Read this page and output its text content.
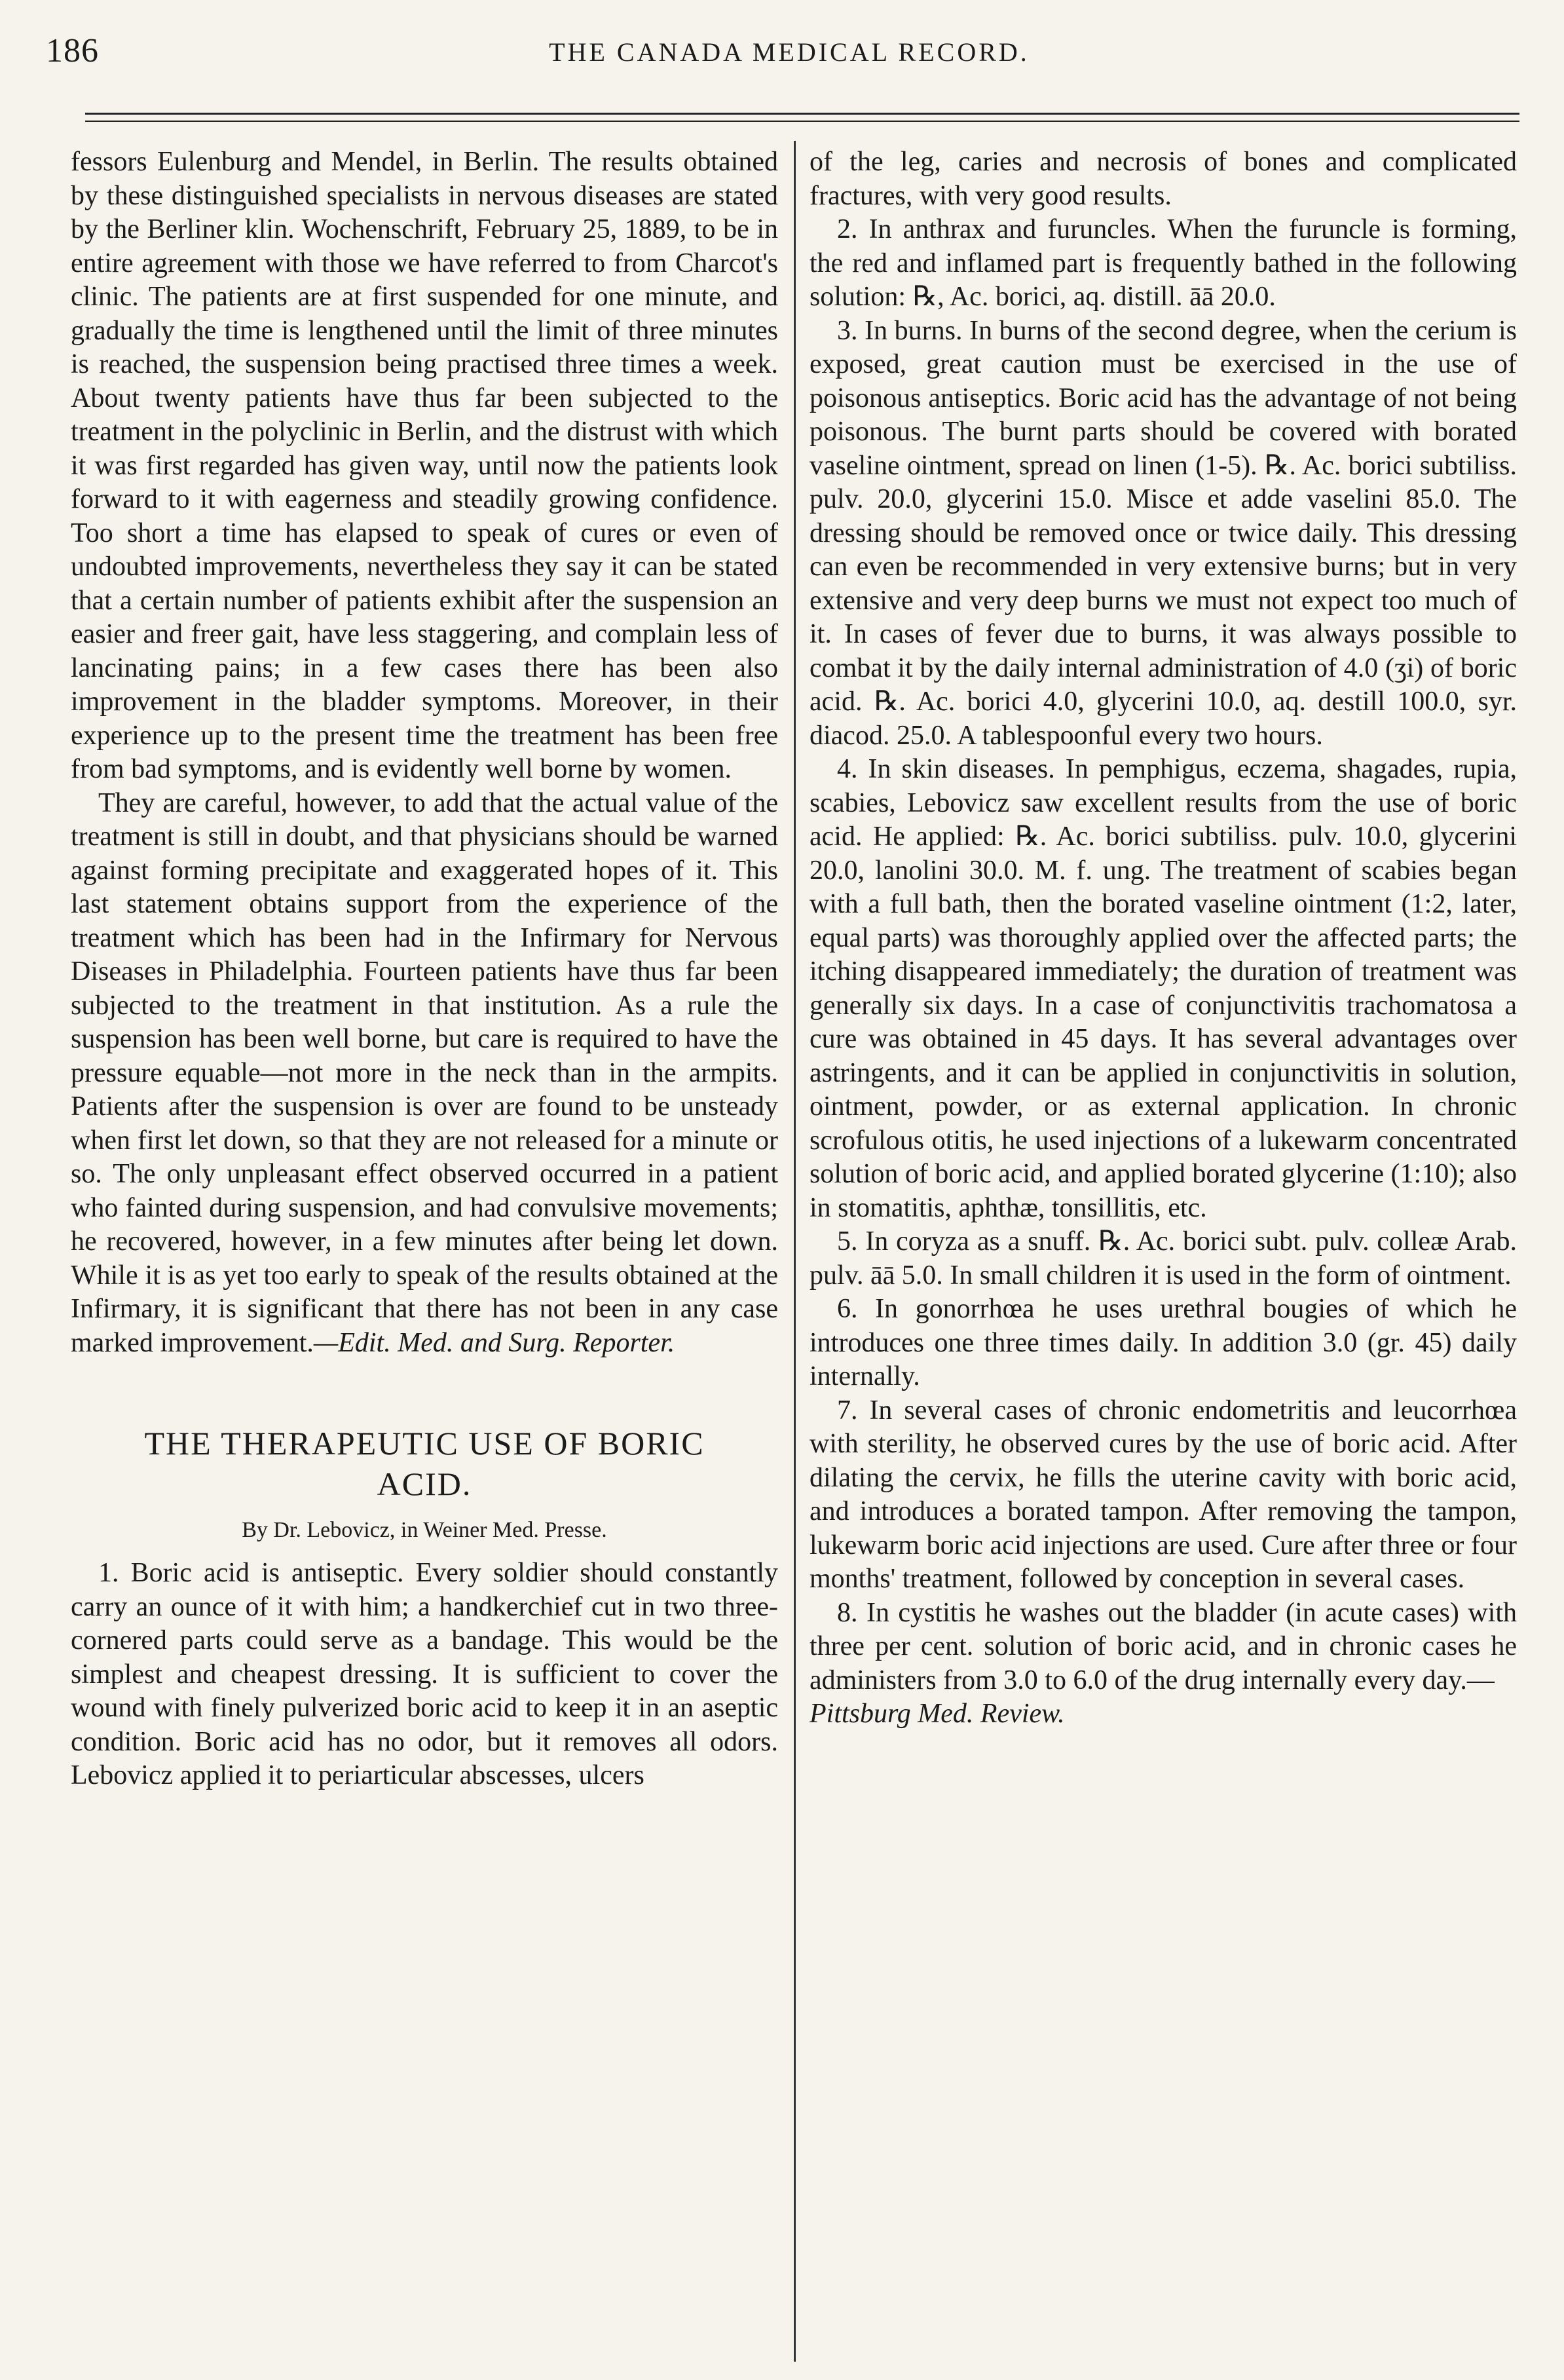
186	THE CANADA MEDICAL RECORD.

fessors Eulenburg and Mendel, in Berlin. The results obtained by these distinguished specialists in nervous diseases are stated by the Berliner klin. Wochenschrift, February 25, 1889, to be in entire agreement with those we have referred to from Charcot's clinic. The patients are at first suspended for one minute, and gradually the time is lengthened until the limit of three minutes is reached, the suspension being practised three times a week. About twenty patients have thus far been subjected to the treatment in the polyclinic in Berlin, and the distrust with which it was first regarded has given way, until now the patients look forward to it with eagerness and steadily growing confidence. Too short a time has elapsed to speak of cures or even of undoubted improvements, nevertheless they say it can be stated that a certain number of patients exhibit after the suspension an easier and freer gait, have less staggering, and complain less of lancinating pains; in a few cases there has been also improvement in the bladder symptoms. Moreover, in their experience up to the present time the treatment has been free from bad symptoms, and is evidently well borne by women.

They are careful, however, to add that the actual value of the treatment is still in doubt, and that physicians should be warned against forming precipitate and exaggerated hopes of it. This last statement obtains support from the experience of the treatment which has been had in the Infirmary for Nervous Diseases in Philadelphia. Fourteen patients have thus far been subjected to the treatment in that institution. As a rule the suspension has been well borne, but care is required to have the pressure equable—not more in the neck than in the armpits. Patients after the suspension is over are found to be unsteady when first let down, so that they are not released for a minute or so. The only unpleasant effect observed occurred in a patient who fainted during suspension, and had convulsive movements; he recovered, however, in a few minutes after being let down. While it is as yet too early to speak of the results obtained at the Infirmary, it is significant that there has not been in any case marked improvement.—Edit. Med. and Surg. Reporter.

THE THERAPEUTIC USE OF BORIC ACID.
By Dr. Lebovicz, in Weiner Med. Presse.

1. Boric acid is antiseptic. Every soldier should constantly carry an ounce of it with him; a handkerchief cut in two three-cornered parts could serve as a bandage. This would be the simplest and cheapest dressing. It is sufficient to cover the wound with finely pulverized boric acid to keep it in an aseptic condition. Boric acid has no odor, but it removes all odors. Lebovicz applied it to periarticular abscesses, ulcers

of the leg, caries and necrosis of bones and complicated fractures, with very good results.

2. In anthrax and furuncles. When the furuncle is forming, the red and inflamed part is frequently bathed in the following solution: ℞, Ac. borici, aq. distill. āā 20.0.

3. In burns. In burns of the second degree, when the cerium is exposed, great caution must be exercised in the use of poisonous antiseptics. Boric acid has the advantage of not being poisonous. The burnt parts should be covered with borated vaseline ointment, spread on linen (1-5). ℞. Ac. borici subtiliss. pulv. 20.0, glycerini 15.0. Misce et adde vaselini 85.0. The dressing should be removed once or twice daily. This dressing can even be recommended in very extensive burns; but in very extensive and very deep burns we must not expect too much of it. In cases of fever due to burns, it was always possible to combat it by the daily internal administration of 4.0 (ʒi) of boric acid. ℞. Ac. borici 4.0, glycerini 10.0, aq. destill 100.0, syr. diacod. 25.0. A tablespoonful every two hours.

4. In skin diseases. In pemphigus, eczema, shagades, rupia, scabies, Lebovicz saw excellent results from the use of boric acid. He applied: ℞. Ac. borici subtiliss. pulv. 10.0, glycerini 20.0, lanolini 30.0. M. f. ung. The treatment of scabies began with a full bath, then the borated vaseline ointment (1:2, later, equal parts) was thoroughly applied over the affected parts; the itching disappeared immediately; the duration of treatment was generally six days. In a case of conjunctivitis trachomatosa a cure was obtained in 45 days. It has several advantages over astringents, and it can be applied in conjunctivitis in solution, ointment, powder, or as external application. In chronic scrofulous otitis, he used injections of a lukewarm concentrated solution of boric acid, and applied borated glycerine (1:10); also in stomatitis, aphthæ, tonsillitis, etc.

5. In coryza as a snuff. ℞. Ac. borici subt. pulv. colleæ Arab. pulv. āā 5.0. In small children it is used in the form of ointment.

6. In gonorrhœa he uses urethral bougies of which he introduces one three times daily. In addition 3.0 (gr. 45) daily internally.

7. In several cases of chronic endometritis and leucorrhœa with sterility, he observed cures by the use of boric acid. After dilating the cervix, he fills the uterine cavity with boric acid, and introduces a borated tampon. After removing the tampon, lukewarm boric acid injections are used. Cure after three or four months' treatment, followed by conception in several cases.

8. In cystitis he washes out the bladder (in acute cases) with three per cent. solution of boric acid, and in chronic cases he administers from 3.0 to 6.0 of the drug internally every day.—
Pittsburg Med. Review.
